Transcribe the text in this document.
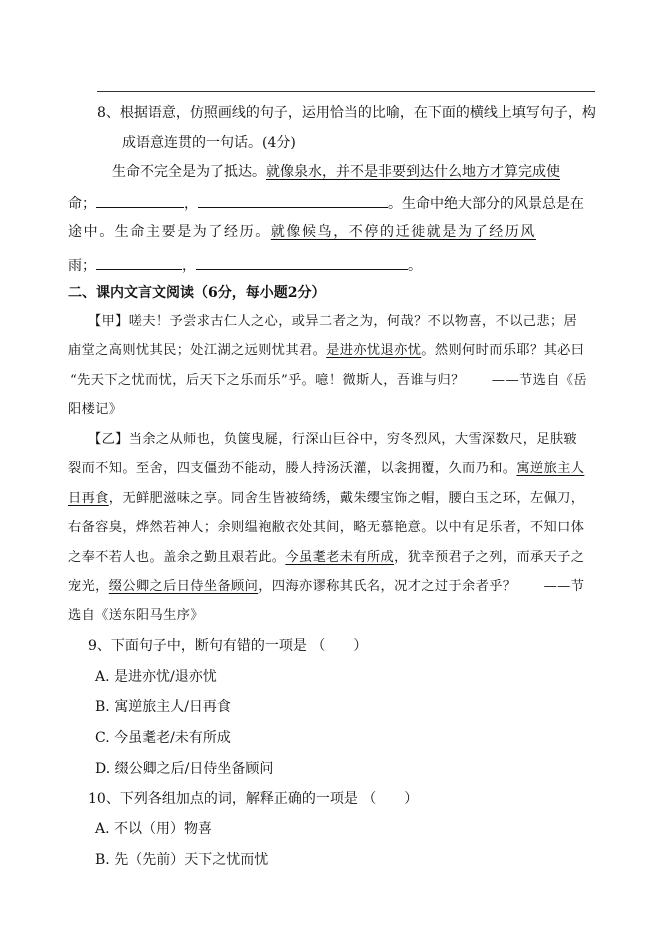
8、根据语意，仿照画线的句子，运用恰当的比喻，在下面的横线上填写句子，构
成语意连贯的一句话。(4分)
生命不完全是为了抵达。就像泉水，并不是非要到达什么地方才算完成使
命；	，	。生命中绝大部分的风景总是在
途中。生命主要是为了经历。就像候鸟，不停的迁徙就是为了经历风
雨；	，	。
二、课内文言文阅读（6分，每小题2分）
【甲】嗟夫！予尝求古仁人之心，或异二者之为，何哉？不以物喜，不以己悲；居
庙堂之高则忧其民；处江湖之远则忧其君。是进亦忧退亦忧。然则何时而乐耶？其必曰
“先天下之忧而忧，后天下之乐而乐”乎。噫！微斯人，吾谁与归？　　——节选自《岳
阳楼记》
【乙】当余之从师也，负箧曳屣，行深山巨谷中，穷冬烈风，大雪深数尺，足肤皲
裂而不知。至舍，四支僵劲不能动，媵人持汤沃灌，以衾拥覆，久而乃和。寓逆旅主人
日再食，无鲜肥滋味之享。同舍生皆被绮绣，戴朱缨宝饰之帽，腰白玉之环，左佩刀，
右备容臭，烨然若神人；余则缊袍敝衣处其间，略无慕艳意。以中有足乐者，不知口体
之奉不若人也。盖余之勤且艰若此。今虽耄老未有所成，犹幸预君子之列，而承天子之
宠光，缀公卿之后日侍坐备顾问，四海亦谬称其氏名，况才之过于余者乎？　　——节
选自《送东阳马生序》
9、下面句子中，断句有错的一项是 （　　）
A. 是进亦忧/退亦忧
B. 寓逆旅主人/日再食
C. 今虽耄老/未有所成
D. 缀公卿之后/日侍坐备顾问
10、下列各组加点的词，解释正确的一项是 （　　）
A. 不以（用）物喜
B. 先（先前）天下之忧而忧
